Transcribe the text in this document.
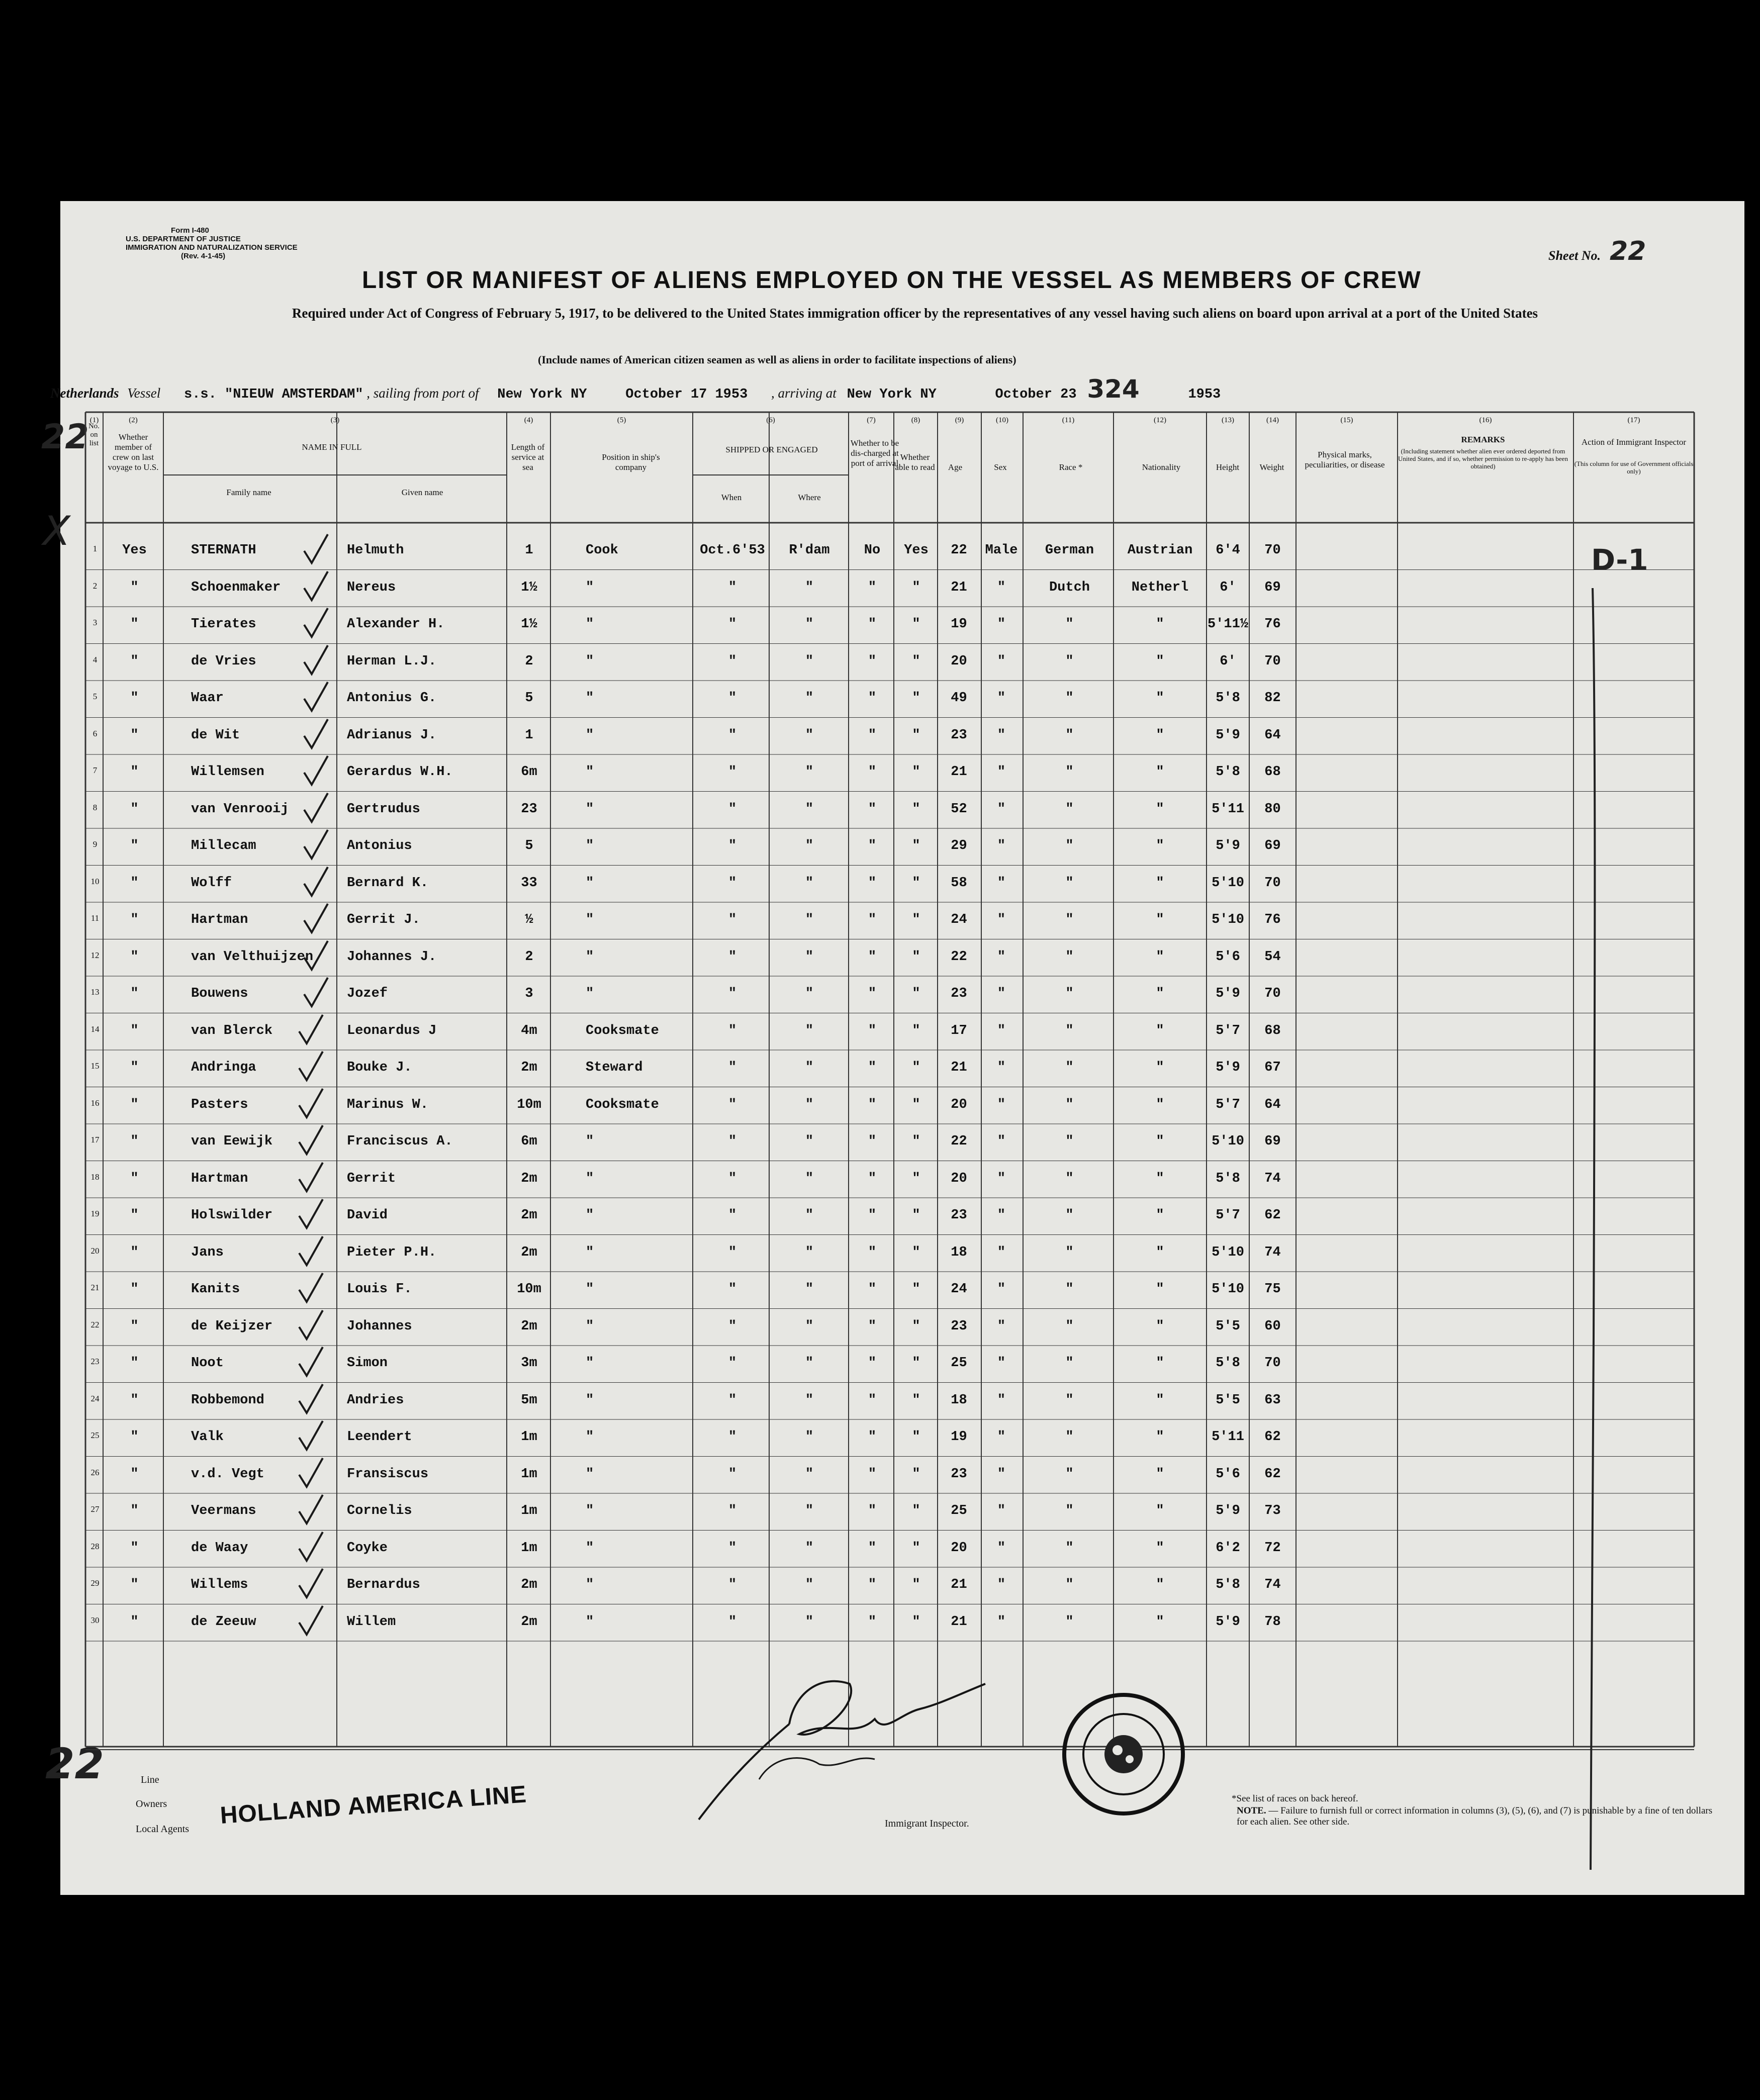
Form I-480
U.S. DEPARTMENT OF JUSTICE
IMMIGRATION AND NATURALIZATION SERVICE
(Rev. 4-1-45)	Sheet No. 22
LIST OR MANIFEST OF ALIENS EMPLOYED ON THE VESSEL AS MEMBERS OF CREW
Required under Act of Congress of February 5, 1917, to be delivered to the United States immigration officer by the representatives of any vessel having such aliens on board upon arrival at a port of the United States
(Include names of American citizen seamen as well as aliens in order to facilitate inspections of aliens)
Netherlands Vessel s.s. "NIEUW AMSTERDAM" , sailing from port of New York NY	October 17 1953 , arriving at New York NY	October 23 324	1953
22
X
22
D-1
(1)	(2)	(3)	(4)	(5)	(6)	(7)	(8)	(9)	(10)	(11)	(12)	(13)	(14)	(15)	(16)	(17)
No. on list
Whether member of crew on last voyage to U.S.
NAME IN FULL
Family name	Given name
Length of service at sea
Position in ship's company
SHIPPED OR ENGAGED
When	Where
Whether to be dis-charged at port of arrival
Whether able to read	Age	Sex	Race *	Nationality	Height	Weight
Physical marks, peculiarities, or disease
REMARKS
(Including statement whether alien ever ordered deported from United States, and if so, whether permission to re-apply has been obtained)
Action of Immigrant Inspector
(This column for use of Government officials only)
1	Yes	STERNATH	Helmuth	1	Cook	Oct.6'53	R'dam	No	Yes	22	Male	German	Austrian	6'4	70
2	"	Schoenmaker	Nereus	1½	"	"	"	"	"	21	"	Dutch	Netherl	6'	69
3	"	Tierates	Alexander H.	1½	"	"	"	"	"	19	"	"	"	5'11½	76
4	"	de Vries	Herman L.J.	2	"	"	"	"	"	20	"	"	"	6'	70
5	"	Waar	Antonius G.	5	"	"	"	"	"	49	"	"	"	5'8	82
6	"	de Wit	Adrianus J.	1	"	"	"	"	"	23	"	"	"	5'9	64
7	"	Willemsen	Gerardus W.H.	6m	"	"	"	"	"	21	"	"	"	5'8	68
8	"	van Venrooij	Gertrudus	23	"	"	"	"	"	52	"	"	"	5'11	80
9	"	Millecam	Antonius	5	"	"	"	"	"	29	"	"	"	5'9	69
10	"	Wolff	Bernard K.	33	"	"	"	"	"	58	"	"	"	5'10	70
11	"	Hartman	Gerrit J.	½	"	"	"	"	"	24	"	"	"	5'10	76
12	"	van Velthuijzen	Johannes J.	2	"	"	"	"	"	22	"	"	"	5'6	54
13	"	Bouwens	Jozef	3	"	"	"	"	"	23	"	"	"	5'9	70
14	"	van Blerck	Leonardus J	4m	Cooksmate	"	"	"	"	17	"	"	"	5'7	68
15	"	Andringa	Bouke J.	2m	Steward	"	"	"	"	21	"	"	"	5'9	67
16	"	Pasters	Marinus W.	10m	Cooksmate	"	"	"	"	20	"	"	"	5'7	64
17	"	van Eewijk	Franciscus A.	6m	"	"	"	"	"	22	"	"	"	5'10	69
18	"	Hartman	Gerrit	2m	"	"	"	"	"	20	"	"	"	5'8	74
19	"	Holswilder	David	2m	"	"	"	"	"	23	"	"	"	5'7	62
20	"	Jans	Pieter P.H.	2m	"	"	"	"	"	18	"	"	"	5'10	74
21	"	Kanits	Louis F.	10m	"	"	"	"	"	24	"	"	"	5'10	75
22	"	de Keijzer	Johannes	2m	"	"	"	"	"	23	"	"	"	5'5	60
23	"	Noot	Simon	3m	"	"	"	"	"	25	"	"	"	5'8	70
24	"	Robbemond	Andries	5m	"	"	"	"	"	18	"	"	"	5'5	63
25	"	Valk	Leendert	1m	"	"	"	"	"	19	"	"	"	5'11	62
26	"	v.d. Vegt	Fransiscus	1m	"	"	"	"	"	23	"	"	"	5'6	62
27	"	Veermans	Cornelis	1m	"	"	"	"	"	25	"	"	"	5'9	73
28	"	de Waay	Coyke	1m	"	"	"	"	"	20	"	"	"	6'2	72
29	"	Willems	Bernardus	2m	"	"	"	"	"	21	"	"	"	5'8	74
30	"	de Zeeuw	Willem	2m	"	"	"	"	"	21	"	"	"	5'9	78
Line
Owners
Local Agents
HOLLAND AMERICA LINE	Immigrant Inspector.
*See list of races on back hereof.
NOTE. — Failure to furnish full or correct information in columns (3), (5), (6), and (7) is punishable by a fine of ten dollars for each alien. See other side.
